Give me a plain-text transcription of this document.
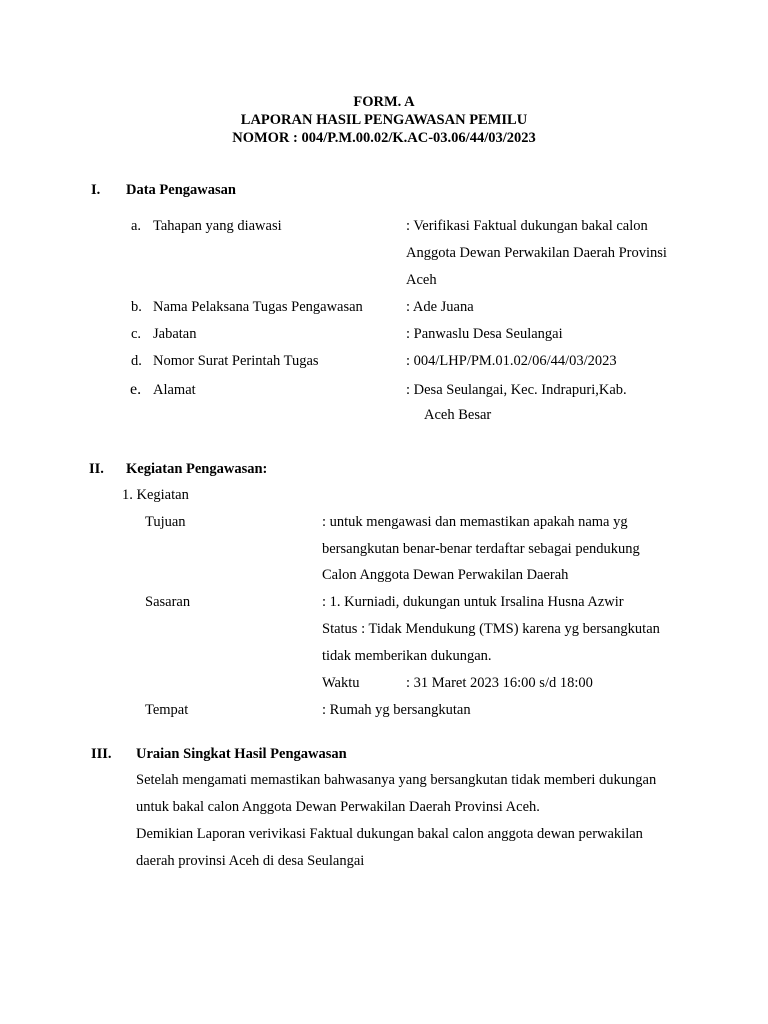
FORM. A
LAPORAN HASIL PENGAWASAN PEMILU
NOMOR : 004/P.M.00.02/K.AC-03.06/44/03/2023
I. Data Pengawasan
a. Tahapan yang diawasi	: Verifikasi Faktual dukungan bakal calon
Anggota Dewan Perwakilan Daerah Provinsi
Aceh
b. Nama Pelaksana Tugas Pengawasan	: Ade Juana
c. Jabatan	: Panwaslu Desa Seulangai
d. Nomor Surat Perintah Tugas	: 004/LHP/PM.01.02/06/44/03/2023
e. Alamat	: Desa Seulangai, Kec. Indrapuri,Kab.
Aceh Besar
II. Kegiatan Pengawasan:
1. Kegiatan
Tujuan	: untuk mengawasi dan memastikan apakah nama yg
bersangkutan benar-benar terdaftar sebagai pendukung
Calon Anggota Dewan Perwakilan Daerah
Sasaran	: 1. Kurniadi, dukungan untuk Irsalina Husna Azwir
Status : Tidak Mendukung (TMS) karena yg bersangkutan
tidak memberikan dukungan.
Waktu	: 31 Maret 2023 16:00 s/d 18:00
Tempat	: Rumah yg bersangkutan
III. Uraian Singkat Hasil Pengawasan
Setelah mengamati memastikan bahwasanya yang bersangkutan tidak memberi dukungan
untuk bakal calon Anggota Dewan Perwakilan Daerah Provinsi Aceh.
Demikian Laporan verivikasi Faktual dukungan bakal calon anggota dewan perwakilan
daerah provinsi Aceh di desa Seulangai
